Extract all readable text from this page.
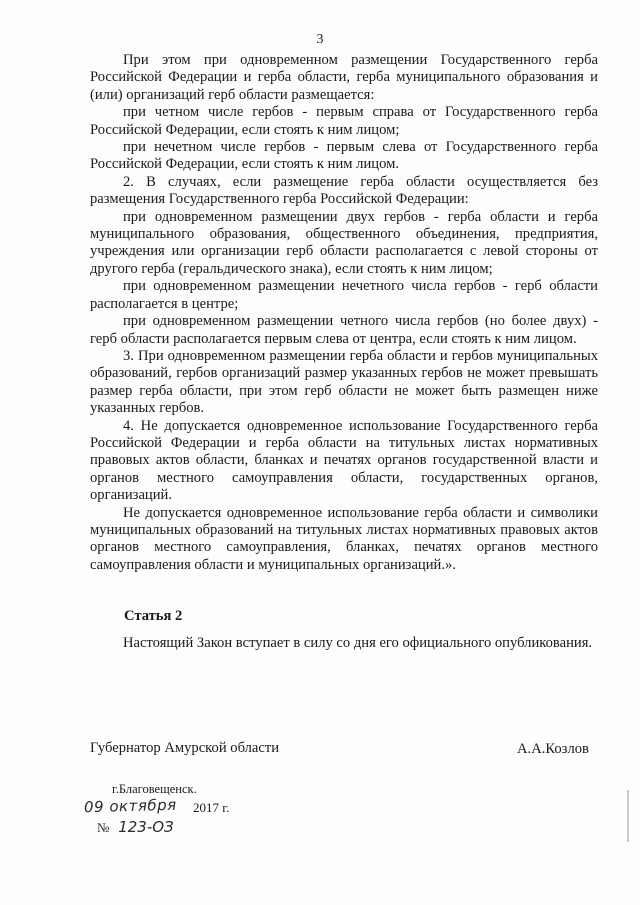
3

При этом при одновременном размещении Государственного герба Российской Федерации и герба области, герба муниципального образования и (или) организаций герб области размещается:

при четном числе гербов - первым справа от Государственного герба Российской Федерации, если стоять к ним лицом;

при нечетном числе гербов - первым слева от Государственного герба Российской Федерации, если стоять к ним лицом.

2. В случаях, если размещение герба области осуществляется без размещения Государственного герба Российской Федерации:

при одновременном размещении двух гербов - герба области и герба муниципального образования, общественного объединения, предприятия, учреждения или организации герб области располагается с левой стороны от другого герба (геральдического знака), если стоять к ним лицом;

при одновременном размещении нечетного числа гербов - герб области располагается в центре;

при одновременном размещении четного числа гербов (но более двух) - герб области располагается первым слева от центра, если стоять к ним лицом.

3. При одновременном размещении герба области и гербов муниципальных образований, гербов организаций размер указанных гербов не может превышать размер герба области, при этом герб области не может быть размещен ниже указанных гербов.

4. Не допускается одновременное использование Государственного герба Российской Федерации и герба области на титульных листах нормативных правовых актов области, бланках и печатях органов государственной власти и органов местного самоуправления области, государственных органов, организаций.

Не допускается одновременное использование герба области и символики муниципальных образований на титульных листах нормативных правовых актов органов местного самоуправления, бланках, печатях органов местного самоуправления области и муниципальных организаций.».

Статья 2
Настоящий Закон вступает в силу со дня его официального опубликования.
Губернатор Амурской области	А.А.Козлов
г.Благовещенск.
09 октября 2017 г.
№ 123-ОЗ
